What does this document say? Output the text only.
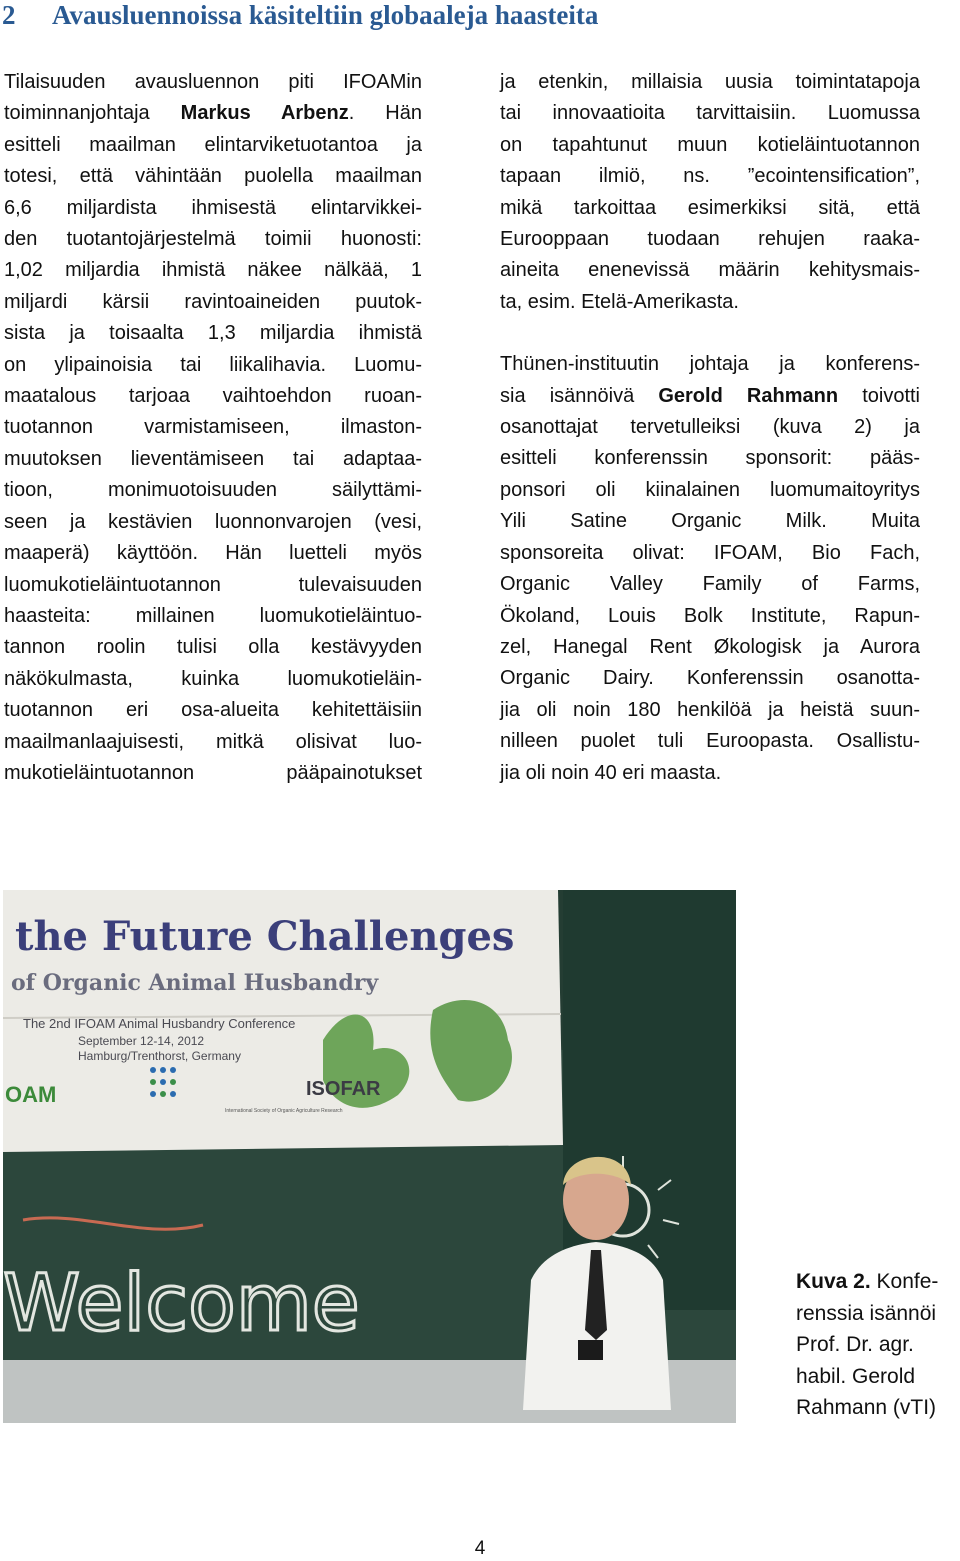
2 Avausluennoissa käsiteltiin globaaleja haasteita
Tilaisuuden avausluennon piti IFOAMin
toiminnanjohtaja Markus Arbenz. Hän
esitteli maailman elintarviketuotantoa ja
totesi, että vähintään puolella maailman
6,6 miljardista ihmisestä elintarvikkei-
den tuotantojärjestelmä toimii huonosti:
1,02 miljardia ihmistä näkee nälkää, 1
miljardi kärsii ravintoaineiden puutok-
sista ja toisaalta 1,3 miljardia ihmistä
on ylipainoisia tai liikalihavia. Luomu-
maatalous tarjoaa vaihtoehdon ruoan-
tuotannon varmistamiseen, ilmaston-
muutoksen lieventämiseen tai adaptaa-
tioon, monimuotoisuuden säilyttämi-
seen ja kestävien luonnonvarojen (vesi,
maaperä) käyttöön. Hän luetteli myös
luomukotieläintuotannon tulevaisuuden
haasteita: millainen luomukotieläintuo-
tannon roolin tulisi olla kestävyyden
näkökulmasta, kuinka luomukotieläin-
tuotannon eri osa-alueita kehitettäisiin
maailmanlaajuisesti, mitkä olisivat luo-
mukotieläintuotannon pääpainotukset

ja etenkin, millaisia uusia toimintatapoja
tai innovaatioita tarvittaisiin. Luomussa
on tapahtunut muun kotieläintuotannon
tapaan ilmiö, ns. ”ecointensification”,
mikä tarkoittaa esimerkiksi sitä, että
Eurooppaan tuodaan rehujen raaka-
aineita enenevissä määrin kehitysmais-
ta, esim. Etelä-Amerikasta.

Thünen-instituutin johtaja ja konferens-
sia isännöivä Gerold Rahmann toivotti
osanottajat tervetulleiksi (kuva 2) ja
esitteli konferenssin sponsorit: pääs-
ponsori oli kiinalainen luomumaitoyritys
Yili Satine Organic Milk. Muita
sponsoreita olivat: IFOAM, Bio Fach,
Organic Valley Family of Farms,
Ökoland, Louis Bolk Institute, Rapun-
zel, Hanegal Rent Økologisk ja Aurora
Organic Dairy. Konferenssin osanotta-
jia oli noin 180 henkilöä ja heistä suun-
nilleen puolet tuli Euroopasta. Osallistu-
jia oli noin 40 eri maasta.

the Future Challenges
of Organic Animal Husbandry
The 2nd IFOAM Animal Husbandry Conference
September 12-14, 2012
Hamburg/Trenthorst, Germany
OAM	ISOFAR
International Society of Organic Agriculture Research
Welcome	Kuva 2. Konfe-
renssia isännöi
Prof. Dr. agr.
habil. Gerold
Rahmann (vTI)
4
